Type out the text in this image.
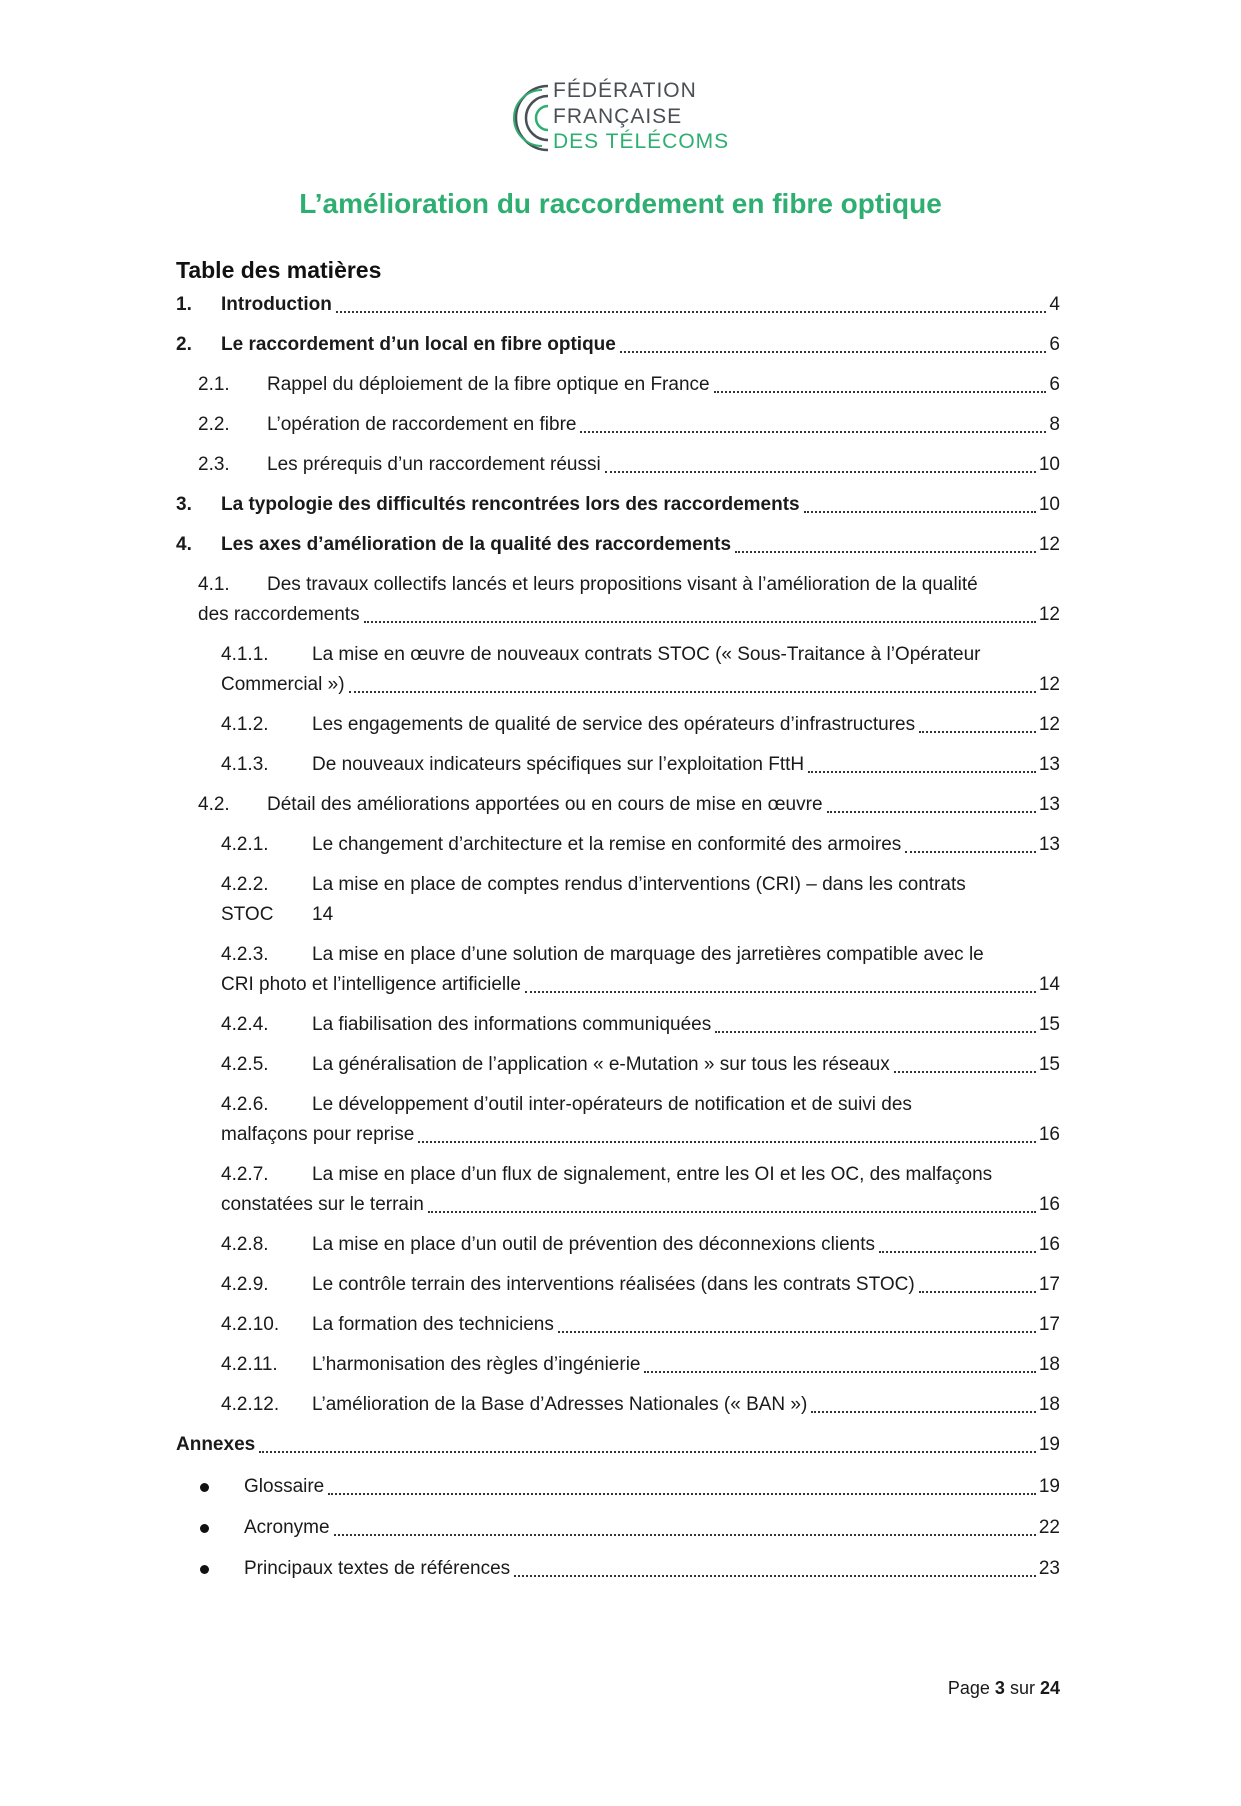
FÉDÉRATION
FRANÇAISE
DES TÉLÉCOMS
L’amélioration du raccordement en fibre optique
Table des matières
1. Introduction	4
2. Le raccordement d’un local en fibre optique	6
2.1. Rappel du déploiement de la fibre optique en France	6
2.2. L’opération de raccordement en fibre	8
2.3. Les prérequis d’un raccordement réussi	10
3. La typologie des difficultés rencontrées lors des raccordements	10
4. Les axes d’amélioration de la qualité des raccordements	12
4.1. Des travaux collectifs lancés et leurs propositions visant à l’amélioration de la qualité
des raccordements	12
4.1.1. La mise en œuvre de nouveaux contrats STOC (« Sous-Traitance à l’Opérateur
Commercial »)	12
4.1.2. Les engagements de qualité de service des opérateurs d’infrastructures	12
4.1.3. De nouveaux indicateurs spécifiques sur l’exploitation FttH	13
4.2. Détail des améliorations apportées ou en cours de mise en œuvre	13
4.2.1. Le changement d’architecture et la remise en conformité des armoires	13
4.2.2. La mise en place de comptes rendus d’interventions (CRI) – dans les contrats
STOC 14
4.2.3. La mise en place d’une solution de marquage des jarretières compatible avec le
CRI photo et l’intelligence artificielle	14
4.2.4. La fiabilisation des informations communiquées	15
4.2.5. La généralisation de l’application « e-Mutation » sur tous les réseaux	15
4.2.6. Le développement d’outil inter-opérateurs de notification et de suivi des
malfaçons pour reprise	16
4.2.7. La mise en place d’un flux de signalement, entre les OI et les OC, des malfaçons
constatées sur le terrain	16
4.2.8. La mise en place d’un outil de prévention des déconnexions clients	16
4.2.9. Le contrôle terrain des interventions réalisées (dans les contrats STOC)	17
4.2.10. La formation des techniciens	17
4.2.11. L’harmonisation des règles d’ingénierie	18
4.2.12. L’amélioration de la Base d’Adresses Nationales (« BAN »)	18
Annexes	19
Glossaire	19
Acronyme	22
Principaux textes de références	23
Page 3 sur 24
